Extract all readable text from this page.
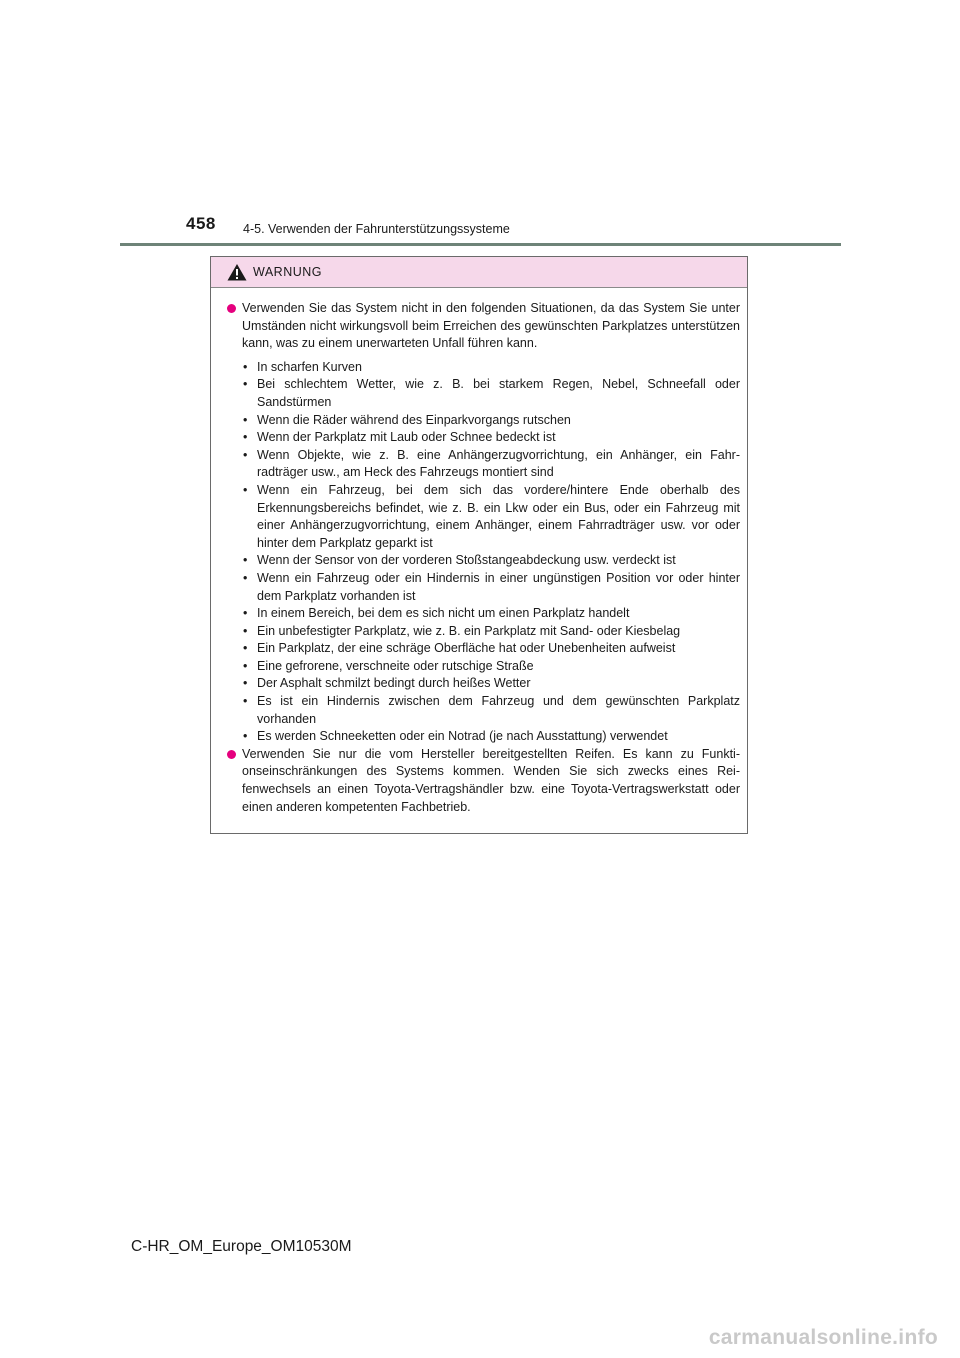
458 4-5. Verwenden der Fahrunterstützungssysteme
WARNUNG
Verwenden Sie das System nicht in den folgenden Situationen, da das System Sie unter Umständen nicht wirkungsvoll beim Erreichen des gewünschten Parkplatzes unterstützen kann, was zu einem unerwarteten Unfall führen kann.
• In scharfen Kurven
• Bei schlechtem Wetter, wie z. B. bei starkem Regen, Nebel, Schneefall oder Sandstürmen
• Wenn die Räder während des Einparkvorgangs rutschen
• Wenn der Parkplatz mit Laub oder Schnee bedeckt ist
• Wenn Objekte, wie z. B. eine Anhängerzugvorrichtung, ein Anhänger, ein Fahr-radträger usw., am Heck des Fahrzeugs montiert sind
• Wenn ein Fahrzeug, bei dem sich das vordere/hintere Ende oberhalb des Erkennungsbereichs befindet, wie z. B. ein Lkw oder ein Bus, oder ein Fahrzeug mit einer Anhängerzugvorrichtung, einem Anhänger, einem Fahrradträger usw. vor oder hinter dem Parkplatz geparkt ist
• Wenn der Sensor von der vorderen Stoßstangeabdeckung usw. verdeckt ist
• Wenn ein Fahrzeug oder ein Hindernis in einer ungünstigen Position vor oder hinter dem Parkplatz vorhanden ist
• In einem Bereich, bei dem es sich nicht um einen Parkplatz handelt
• Ein unbefestigter Parkplatz, wie z. B. ein Parkplatz mit Sand- oder Kiesbelag
• Ein Parkplatz, der eine schräge Oberfläche hat oder Unebenheiten aufweist
• Eine gefrorene, verschneite oder rutschige Straße
• Der Asphalt schmilzt bedingt durch heißes Wetter
• Es ist ein Hindernis zwischen dem Fahrzeug und dem gewünschten Parkplatz vorhanden
• Es werden Schneeketten oder ein Notrad (je nach Ausstattung) verwendet
Verwenden Sie nur die vom Hersteller bereitgestellten Reifen. Es kann zu Funkti-onseinschränkungen des Systems kommen. Wenden Sie sich zwecks eines Rei-fenwechsels an einen Toyota-Vertragshändler bzw. eine Toyota-Vertragswerkstatt oder einen anderen kompetenten Fachbetrieb.
C-HR_OM_Europe_OM10530M
carmanualsonline.info
